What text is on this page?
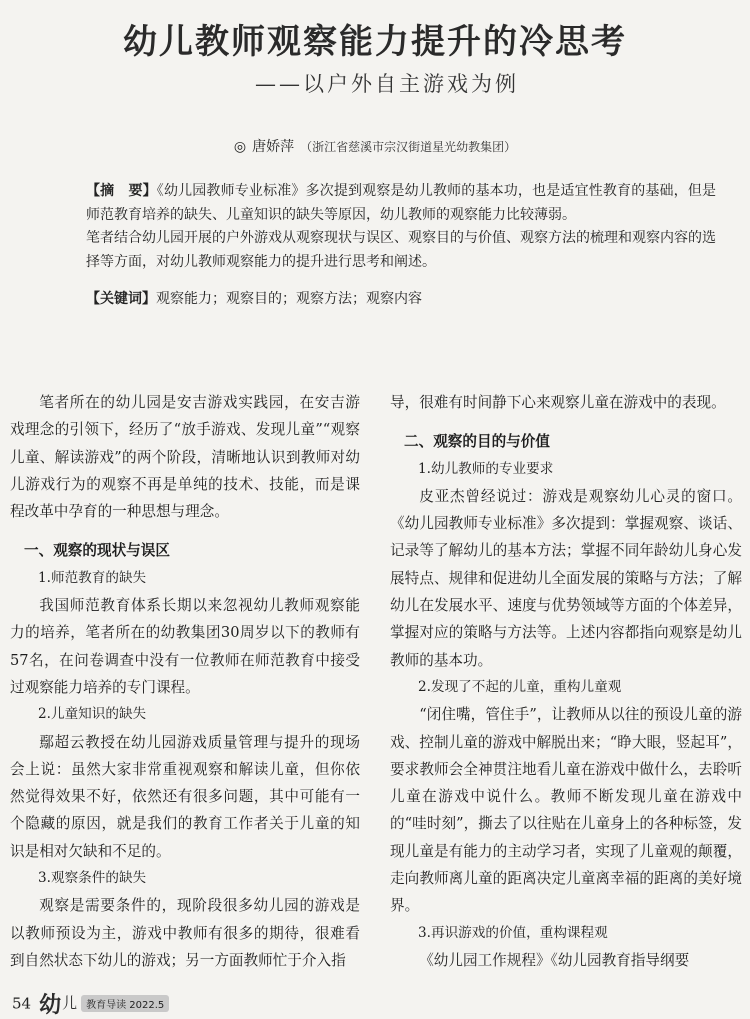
幼儿教师观察能力提升的冷思考
——以户外自主游戏为例
◎ 唐娇萍 （浙江省慈溪市宗汉街道星光幼教集团）

【摘　要】《幼儿园教师专业标准》多次提到观察是幼儿教师的基本功，也是适宜性教育的基础，但是师范教育培养的缺失、儿童知识的缺失等原因，幼儿教师的观察能力比较薄弱。

笔者结合幼儿园开展的户外游戏从观察现状与误区、观察目的与价值、观察方法的梳理和观察内容的选择等方面，对幼儿教师观察能力的提升进行思考和阐述。

【关键词】观察能力；观察目的；观察方法；观察内容

笔者所在的幼儿园是安吉游戏实践园，在安吉游戏理念的引领下，经历了“放手游戏、发现儿童”“观察儿童、解读游戏”的两个阶段，清晰地认识到教师对幼儿游戏行为的观察不再是单纯的技术、技能，而是课程改革中孕育的一种思想与理念。

一、观察的现状与误区

1.师范教育的缺失

我国师范教育体系长期以来忽视幼儿教师观察能力的培养，笔者所在的幼教集团30周岁以下的教师有57名，在问卷调查中没有一位教师在师范教育中接受过观察能力培养的专门课程。

2.儿童知识的缺失

鄢超云教授在幼儿园游戏质量管理与提升的现场会上说：虽然大家非常重视观察和解读儿童，但你依然觉得效果不好，依然还有很多问题，其中可能有一个隐藏的原因，就是我们的教育工作者关于儿童的知识是相对欠缺和不足的。

3.观察条件的缺失

观察是需要条件的，现阶段很多幼儿园的游戏是以教师预设为主，游戏中教师有很多的期待，很难看到自然状态下幼儿的游戏；另一方面教师忙于介入指

导，很难有时间静下心来观察儿童在游戏中的表现。

二、观察的目的与价值

1.幼儿教师的专业要求

皮亚杰曾经说过：游戏是观察幼儿心灵的窗口。《幼儿园教师专业标准》多次提到：掌握观察、谈话、记录等了解幼儿的基本方法；掌握不同年龄幼儿身心发展特点、规律和促进幼儿全面发展的策略与方法；了解幼儿在发展水平、速度与优势领域等方面的个体差异，掌握对应的策略与方法等。上述内容都指向观察是幼儿教师的基本功。

2.发现了不起的儿童，重构儿童观

“闭住嘴，管住手”，让教师从以往的预设儿童的游戏、控制儿童的游戏中解脱出来；“睁大眼，竖起耳”，要求教师会全神贯注地看儿童在游戏中做什么，去聆听儿童在游戏中说什么。教师不断发现儿童在游戏中的“哇时刻”，撕去了以往贴在儿童身上的各种标签，发现儿童是有能力的主动学习者，实现了儿童观的颠覆，走向教师离儿童的距离决定儿童离幸福的距离的美好境界。

3.再识游戏的价值，重构课程观

《幼儿园工作规程》《幼儿园教育指导纲要

54 幼儿 教育导读 2022.5
